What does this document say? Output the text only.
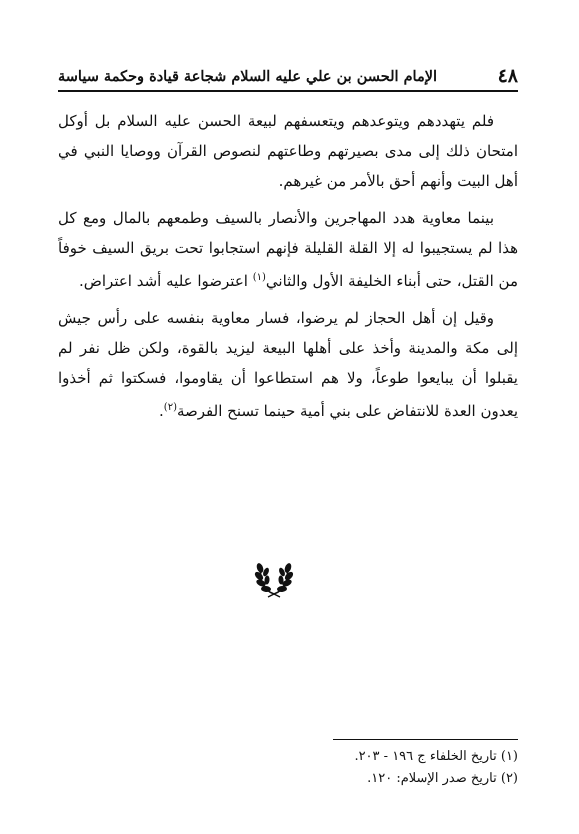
٤٨
الإمام الحسن بن علي عليه السلام شجاعة قيادة وحكمة سياسة

فلم يتهددهم ويتوعدهم ويتعسفهم لبيعة الحسن عليه السلام بل أوكل امتحان ذلك إلى مدى بصيرتهم وطاعتهم لنصوص القرآن ووصايا النبي في أهل البيت وأنهم أحق بالأمر من غيرهم.

بينما معاوية هدد المهاجرين والأنصار بالسيف وطمعهم بالمال ومع كل هذا لم يستجيبوا له إلا القلة القليلة فإنهم استجابوا تحت بريق السيف خوفاً من القتل، حتى أبناء الخليفة الأول والثاني$^{(١)}$ اعترضوا عليه أشد اعتراض.

وقيل إن أهل الحجاز لم يرضوا، فسار معاوية بنفسه على رأس جيش إلى مكة والمدينة وأخذ على أهلها البيعة ليزيد بالقوة، ولكن ظل نفر لم يقبلوا أن يبايعوا طوعاً، ولا هم استطاعوا أن يقاوموا، فسكتوا ثم أخذوا يعدون العدة للانتفاض على بني أمية حينما تسنح الفرصة$^{(٢)}$.

(١) تاريخ الخلفاء ج ١٩٦ - ٢٠٣.
(٢) تاريخ صدر الإسلام: ١٢٠.
